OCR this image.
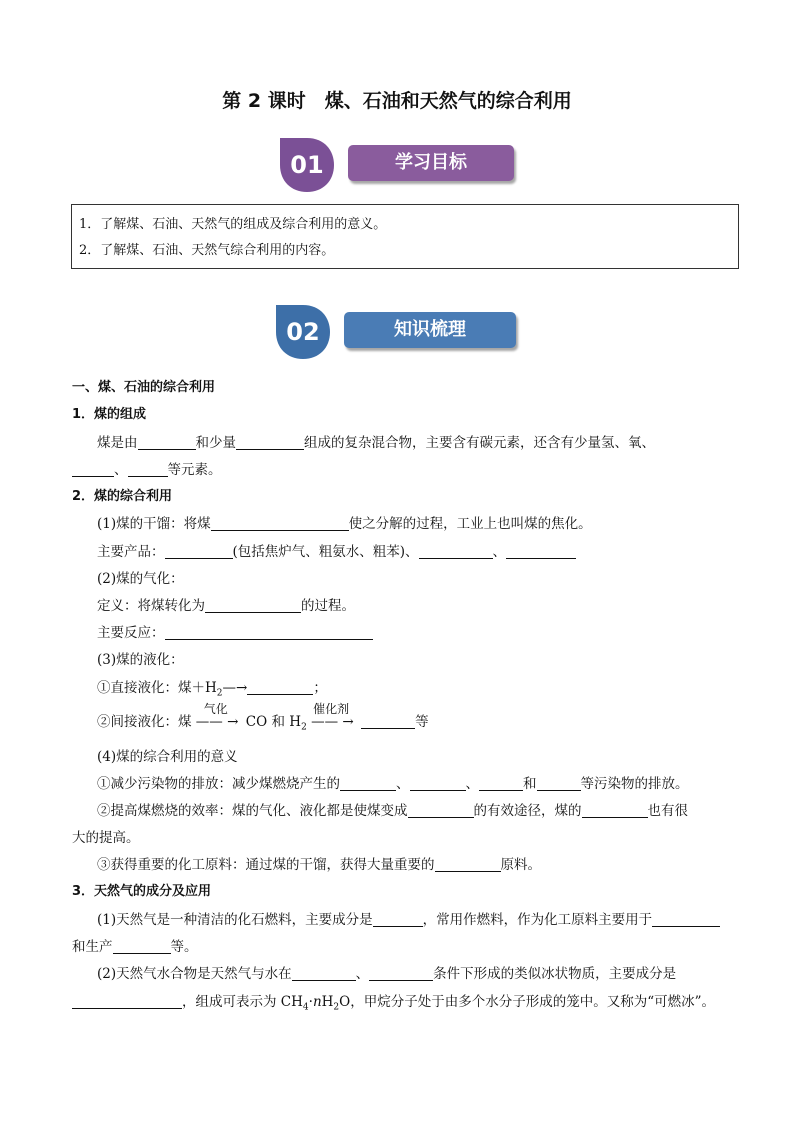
第 2 课时　煤、石油和天然气的综合利用
01	学习目标
1．了解煤、石油、天然气的组成及综合利用的意义。
2．了解煤、石油、天然气综合利用的内容。
02	知识梳理
一、煤、石油的综合利用
1．煤的组成
煤是由	和少量	组成的复杂混合物，主要含有碳元素，还含有少量氢、氧、
、	等元素。
2．煤的综合利用
(1)煤的干馏：将煤	使之分解的过程，工业上也叫煤的焦化。
主要产品：	(包括焦炉气、粗氨水、粗苯)、	、
(2)煤的气化：
定义：将煤转化为	的过程。
主要反应：
(3)煤的液化：
①直接液化：煤$+H_2—\to$	；
②间接液化：煤
气化
—— →CO 和 $H_2$
催化剂
—— →	等
(4)煤的综合利用的意义
①减少污染物的排放：减少煤燃烧产生的	、	、	和	等污染物的排放。
②提高煤燃烧的效率：煤的气化、液化都是使煤变成	的有效途径，煤的	也有很
大的提高。
③获得重要的化工原料：通过煤的干馏，获得大量重要的	原料。
3．天然气的成分及应用
(1)天然气是一种清洁的化石燃料，主要成分是	，常用作燃料，作为化工原料主要用于
和生产	等。
(2)天然气水合物是天然气与水在	、	条件下形成的类似冰状物质，主要成分是
，组成可表示为 $CH_4\cdot nH_2O$，甲烷分子处于由多个水分子形成的笼中。又称为“可燃冰”。
